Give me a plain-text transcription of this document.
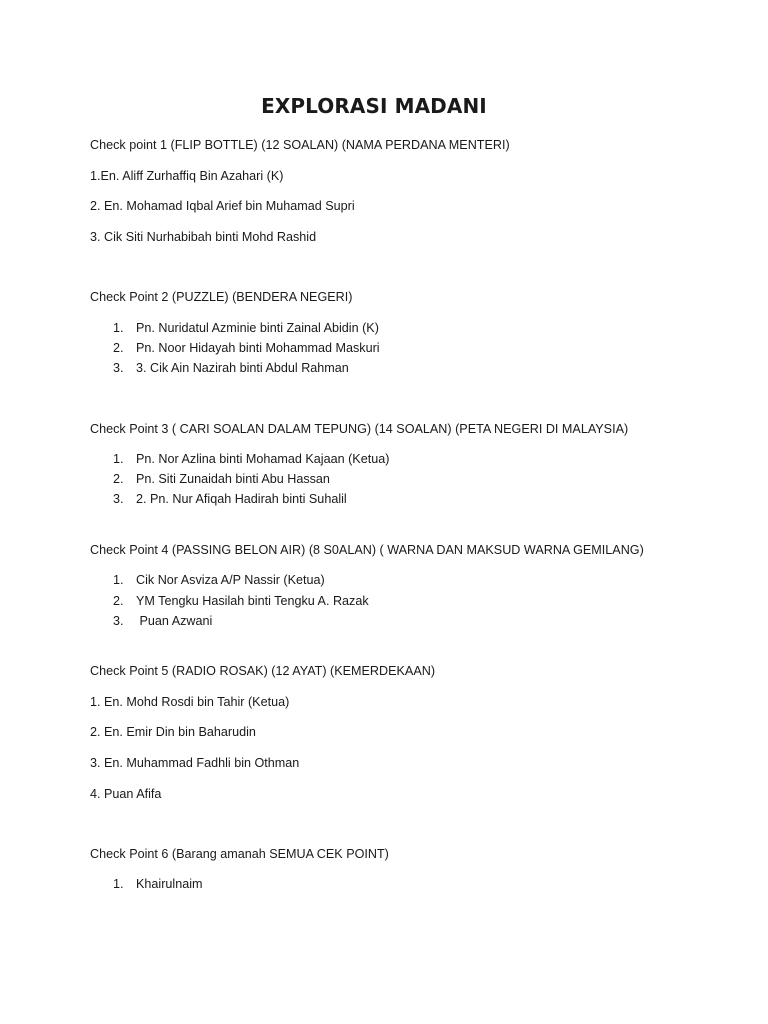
EXPLORASI MADANI
Check point 1 (FLIP BOTTLE) (12 SOALAN) (NAMA PERDANA MENTERI)
1.En. Aliff Zurhaffiq Bin Azahari (K)
2. En. Mohamad Iqbal Arief bin Muhamad Supri
3. Cik Siti Nurhabibah binti Mohd Rashid
Check Point 2 (PUZZLE) (BENDERA NEGERI)
1. Pn. Nuridatul Azminie binti Zainal Abidin (K)
2. Pn. Noor Hidayah binti Mohammad Maskuri
3. 3. Cik Ain Nazirah binti Abdul Rahman
Check Point 3 ( CARI SOALAN DALAM TEPUNG) (14 SOALAN) (PETA NEGERI DI MALAYSIA)
1. Pn. Nor Azlina binti Mohamad Kajaan (Ketua)
2. Pn. Siti Zunaidah binti Abu Hassan
3. 2. Pn. Nur Afiqah Hadirah binti Suhalil
Check Point 4 (PASSING BELON AIR) (8 S0ALAN) ( WARNA DAN MAKSUD WARNA GEMILANG)
1. Cik Nor Asviza A/P Nassir (Ketua)
2. YM Tengku Hasilah binti Tengku A. Razak
3. Puan Azwani
Check Point 5 (RADIO ROSAK) (12 AYAT) (KEMERDEKAAN)
1. En. Mohd Rosdi bin Tahir (Ketua)
2. En. Emir Din bin Baharudin
3. En. Muhammad Fadhli bin Othman
4. Puan Afifa
Check Point 6 (Barang amanah SEMUA CEK POINT)
1. Khairulnaim
